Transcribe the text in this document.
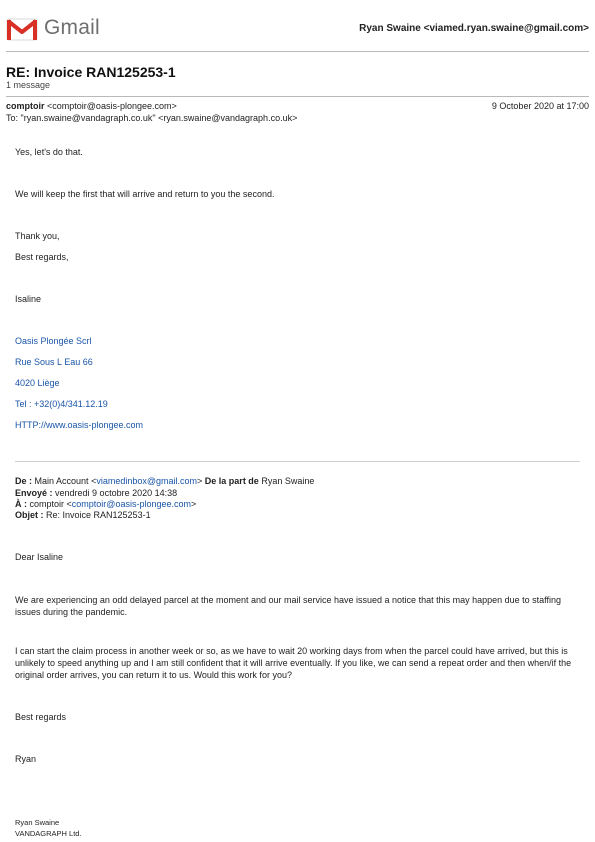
Gmail	Ryan Swaine <viamed.ryan.swaine@gmail.com>
RE: Invoice RAN125253-1
1 message
comptoir <comptoir@oasis-plongee.com>	9 October 2020 at 17:00
To: "ryan.swaine@vandagraph.co.uk" <ryan.swaine@vandagraph.co.uk>
Yes, let's do that.
We will keep the first that will arrive and return to you the second.
Thank you,
Best regards,
Isaline
Oasis Plongée Scrl
Rue Sous L Eau 66
4020 Liège
Tel : +32(0)4/341.12.19
HTTP://www.oasis-plongee.com
De : Main Account <viamedinbox@gmail.com> De la part de Ryan Swaine
Envoyé : vendredi 9 octobre 2020 14:38
À : comptoir <comptoir@oasis-plongee.com>
Objet : Re: Invoice RAN125253-1
Dear Isaline
We are experiencing an odd delayed parcel at the moment and our mail service have issued a notice that this may happen due to staffing issues during the pandemic.
I can start the claim process in another week or so, as we have to wait 20 working days from when the parcel could have arrived, but this is unlikely to speed anything up and I am still confident that it will arrive eventually. If you like, we can send a repeat order and then when/if the original order arrives, you can return it to us. Would this work for you?
Best regards
Ryan
Ryan Swaine
VANDAGRAPH Ltd.
